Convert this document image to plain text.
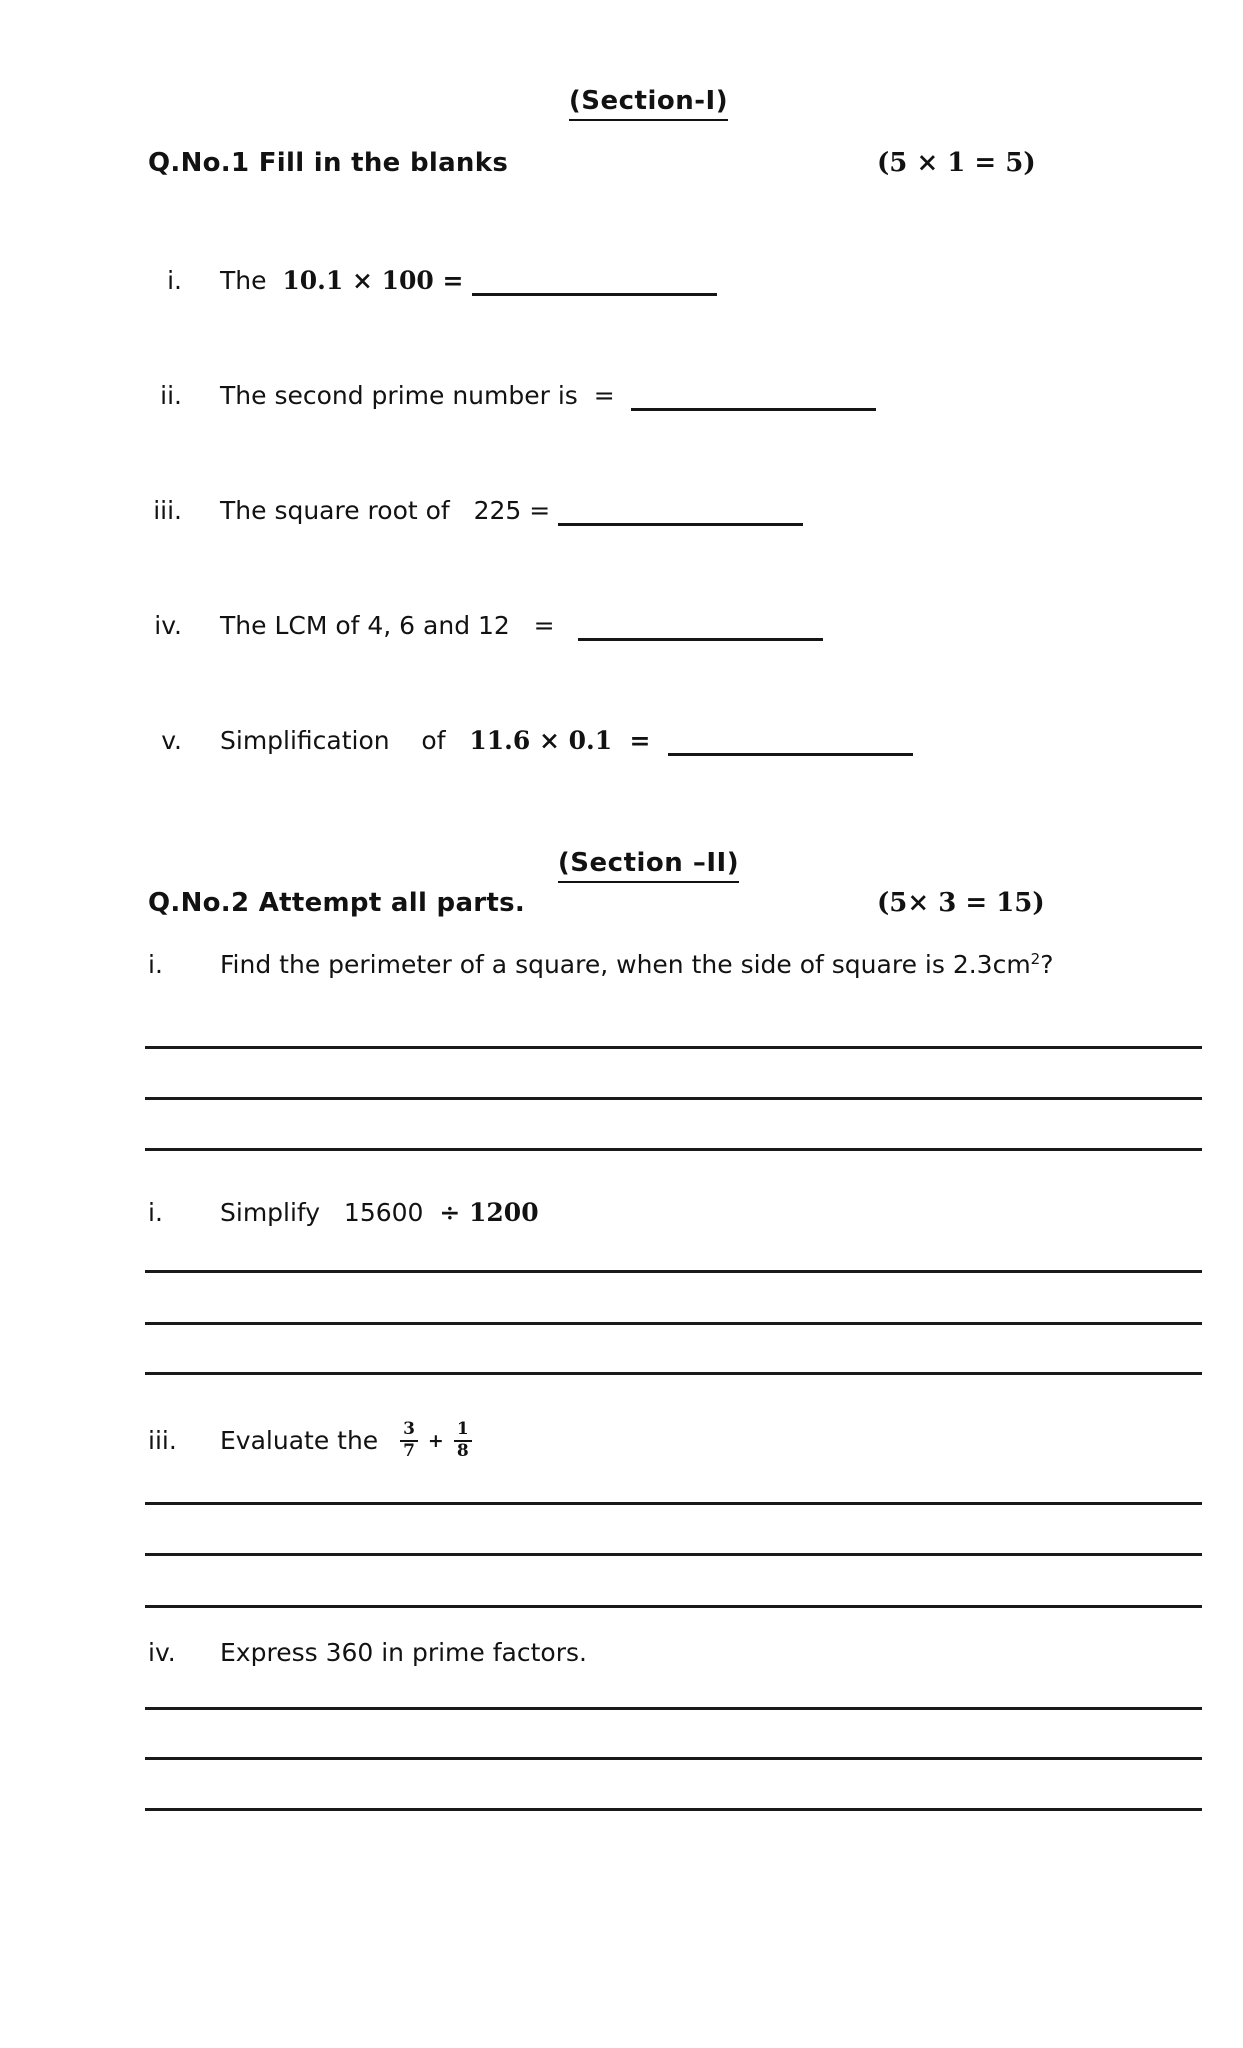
(Section-I)
Q.No.1 Fill in the blanks	(5 × 1 = 5)
i. The 10.1 × 100 =
ii. The second prime number is  =
iii. The square root of   225 =
iv. The LCM of 4, 6 and 12   =
v. Simplification    of 11.6 × 0.1  =
(Section –II)
Q.No.2 Attempt all parts.	(5× 3 = 15)
i.	Find the perimeter of a square, when the side of square is 2.3cm 2 ?
i.	Simplify   15600 ÷ 1200
iii.	Evaluate the $\frac{3}{7} + \frac{1}{8}$
iv.	Express 360 in prime factors.
